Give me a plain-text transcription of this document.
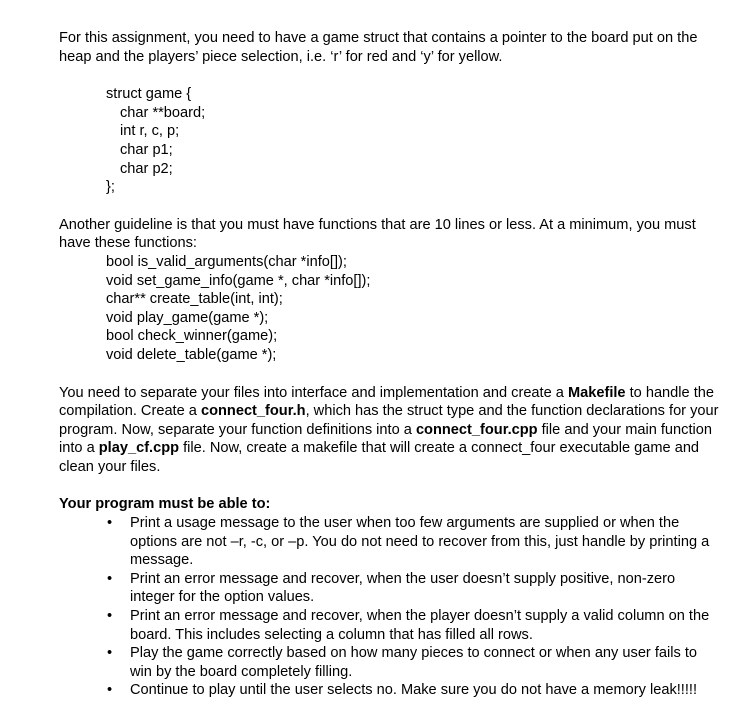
For this assignment, you need to have a game struct that contains a pointer to the board put on the heap and the players’ piece selection, i.e. ‘r’ for red and ‘y’ for yellow.

struct game {
char **board;
int r, c, p;
char p1;
char p2;
};

Another guideline is that you must have functions that are 10 lines or less. At a minimum, you must have these functions:

bool is_valid_arguments(char *info[]);
void set_game_info(game *, char *info[]);
char** create_table(int, int);
void play_game(game *);
bool check_winner(game);
void delete_table(game *);

You need to separate your files into interface and implementation and create a Makefile to handle the compilation. Create a connect_four.h, which has the struct type and the function declarations for your program. Now, separate your function definitions into a connect_four.cpp file and your main function into a play_cf.cpp file. Now, create a makefile that will create a connect_four executable game and clean your files.

Your program must be able to:

• Print a usage message to the user when too few arguments are supplied or when the options are not –r, -c, or –p. You do not need to recover from this, just handle by printing a message.
• Print an error message and recover, when the user doesn’t supply positive, non-zero integer for the option values.
• Print an error message and recover, when the player doesn’t supply a valid column on the board. This includes selecting a column that has filled all rows.
• Play the game correctly based on how many pieces to connect or when any user fails to win by the board completely filling.
• Continue to play until the user selects no. Make sure you do not have a memory leak!!!!!
